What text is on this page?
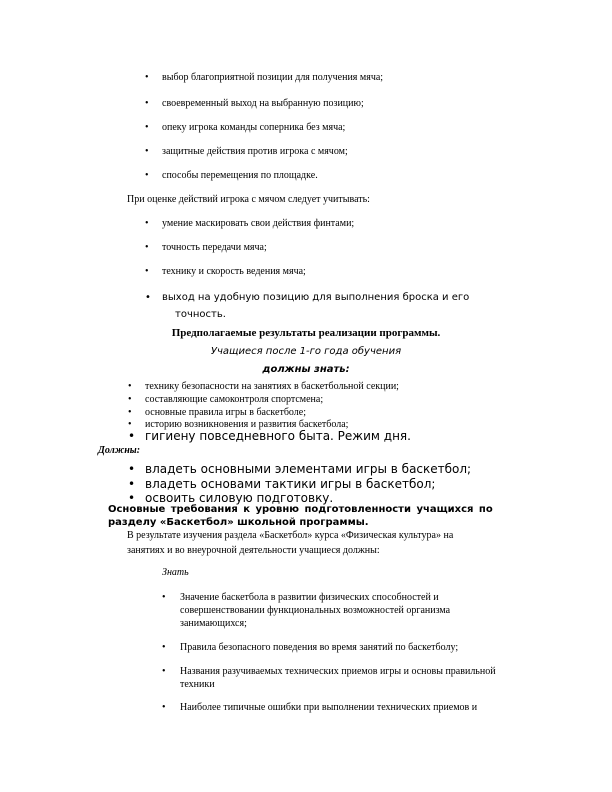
• выбор благоприятной позиции для получения мяча;
• своевременный выход на выбранную позицию;
• опеку игрока команды соперника без мяча;
• защитные действия против игрока с мячом;
• способы перемещения по площадке.
При оценке действий игрока с мячом следует учитывать:
• умение маскировать свои действия финтами;
• точность передачи мяча;
• технику и скорость ведения мяча;
• выход на удобную позицию для выполнения броска и его
точность.
Предполагаемые результаты реализации программы.
Учащиеся после 1-го года обучения
должны знать:
• технику безопасности на занятиях в баскетбольной секции;
• составляющие самоконтроля спортсмена;
• основные правила игры в баскетболе;
• историю возникновения и развития баскетбола;
• гигиену повседневного быта. Режим дня.
Должны:
• владеть основными элементами игры в баскетбол;
• владеть основами тактики игры в баскетбол;
• освоить силовую подготовку.
Основные требования к уровню подготовленности учащихся по
разделу «Баскетбол» школьной программы.
В результате изучения раздела «Баскетбол» курса «Физическая культура» на
занятиях и во внеурочной деятельности учащиеся должны:
Знать
• Значение баскетбола в развитии физических способностей и
совершенствовании функциональных возможностей организма
занимающихся;
• Правила безопасного поведения во время занятий по баскетболу;
• Названия разучиваемых технических приемов игры и основы правильной
техники
• Наиболее типичные ошибки при выполнении технических приемов и
